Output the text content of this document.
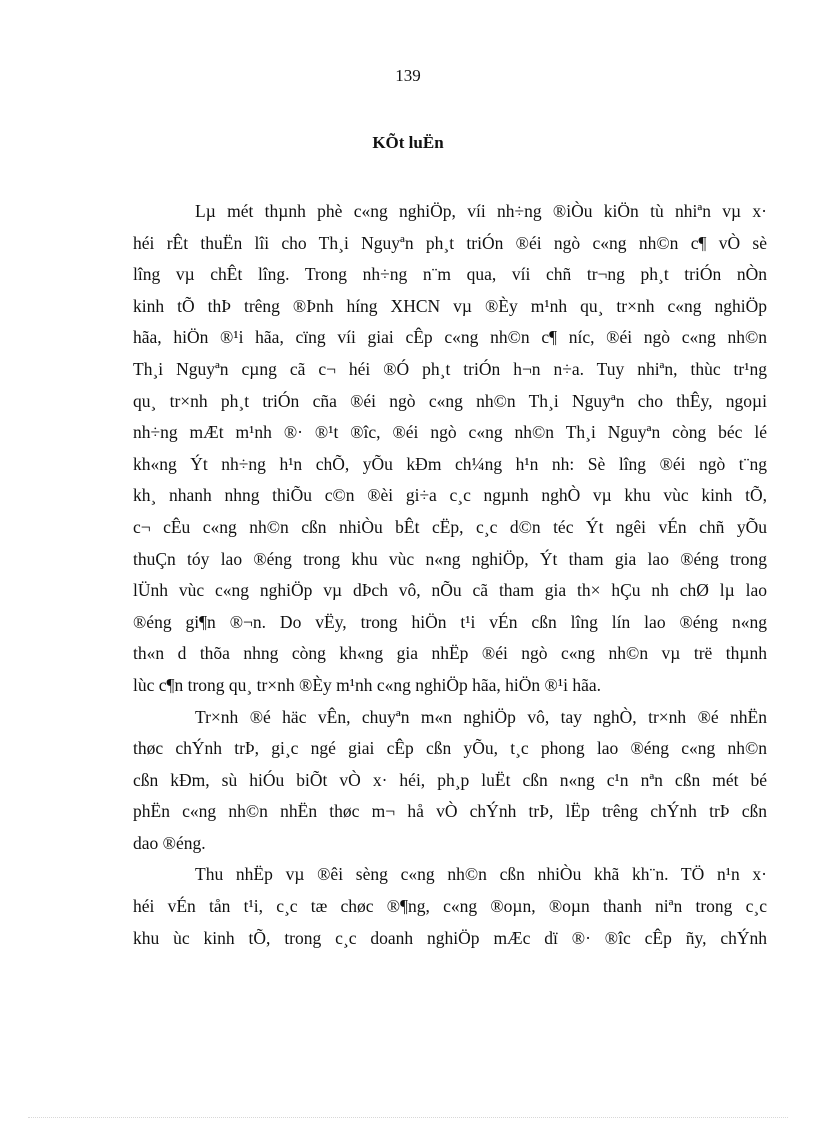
139
KÕt luËn
Lµ mét thµnh phè c«ng nghiÖp, víi nh÷ng ®iÒu kiÖn tù nhiªn vµ x·
héi rÊt thuËn lîi cho Th¸i Nguyªn ph¸t triÓn ®éi ngò c«ng nh©n c¶ vÒ sè
lîng vµ chÊt lîng. Trong nh÷ng n¨m qua, víi chñ tr¬ng ph¸t triÓn nÒn
kinh tÕ thÞ trêng ®Þnh híng XHCN vµ ®Èy m¹nh qu¸ tr×nh c«ng nghiÖp
hãa, hiÖn ®¹i hãa, cïng víi giai cÊp c«ng nh©n c¶ níc, ®éi ngò c«ng nh©n
Th¸i Nguyªn cµng cã c¬ héi ®Ó ph¸t triÓn h¬n n÷a. Tuy nhiªn, thùc tr¹ng
qu¸ tr×nh ph¸t triÓn cña ®éi ngò c«ng nh©n Th¸i Nguyªn cho thÊy, ngoµi
nh÷ng mÆt m¹nh ®· ®¹t ®îc, ®éi ngò c«ng nh©n Th¸i Nguyªn còng béc lé
kh«ng Ýt nh÷ng h¹n chÕ, yÕu kÐm ch¼ng h¹n nh: Sè lîng ®éi ngò t¨ng
kh¸ nhanh nhng thiÕu c©n ®èi gi÷a c¸c ngµnh nghÒ vµ khu vùc kinh tÕ,
c¬ cÊu c«ng nh©n cßn nhiÒu bÊt cËp, c¸c d©n téc Ýt ngêi vÉn chñ yÕu
thuÇn tóy lao ®éng trong khu vùc n«ng nghiÖp, Ýt tham gia lao ®éng trong
lÜnh vùc c«ng nghiÖp vµ dÞch vô, nÕu cã tham gia th× hÇu nh chØ lµ lao
®éng gi¶n ®¬n. Do vËy, trong hiÖn t¹i vÉn cßn lîng lín lao ®éng n«ng
th«n d thõa nhng còng kh«ng gia nhËp ®éi ngò c«ng nh©n vµ trë thµnh
lùc c¶n trong qu¸ tr×nh ®Èy m¹nh c«ng nghiÖp hãa, hiÖn ®¹i hãa.
Tr×nh ®é häc vÊn, chuyªn m«n nghiÖp vô, tay nghÒ, tr×nh ®é nhËn
thøc chÝnh trÞ, gi¸c ngé giai cÊp cßn yÕu, t¸c phong lao ®éng c«ng nh©n
cßn kÐm, sù hiÓu biÕt vÒ x· héi, ph¸p luËt cßn n«ng c¹n nªn cßn mét bé
phËn c«ng nh©n nhËn thøc m¬ hå vÒ chÝnh trÞ, lËp trêng chÝnh trÞ cßn
dao ®éng.
Thu nhËp vµ ®êi sèng c«ng nh©n cßn nhiÒu khã kh¨n. TÖ n¹n x·
héi vÉn tån t¹i, c¸c tæ chøc ®¶ng, c«ng ®oµn, ®oµn thanh niªn trong c¸c
khu ùc kinh tÕ, trong c¸c doanh nghiÖp mÆc dï ®· ®îc cÊp ñy, chÝnh
